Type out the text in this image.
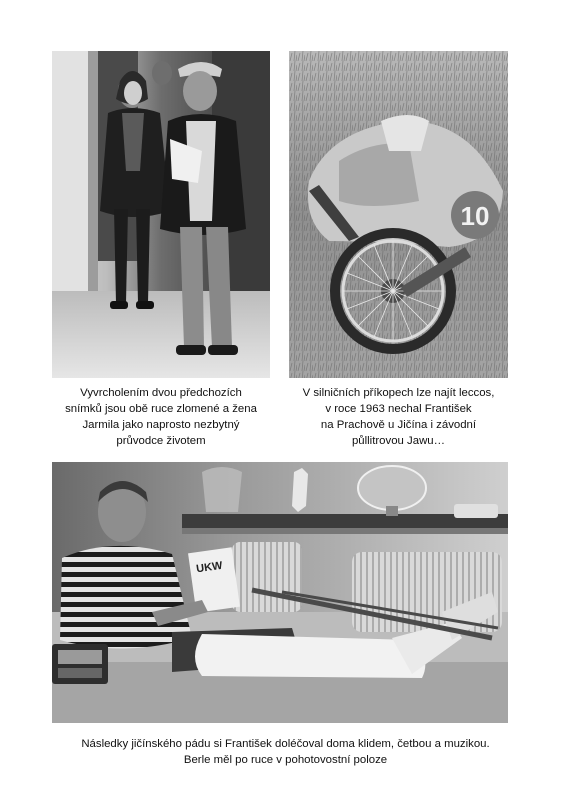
10
UKW

Vyvrcholením dvou předchozích
snímků jsou obě ruce zlomené a žena
Jarmila jako naprosto nezbytný
průvodce životem

V silničních příkopech lze najít leccos,
v roce 1963 nechal František
na Prachově u Jičína i závodní
půllitrovou Jawu…

Následky jičínského pádu si František doléčoval doma klidem, četbou a muzikou.
Berle měl po ruce v pohotovostní poloze
